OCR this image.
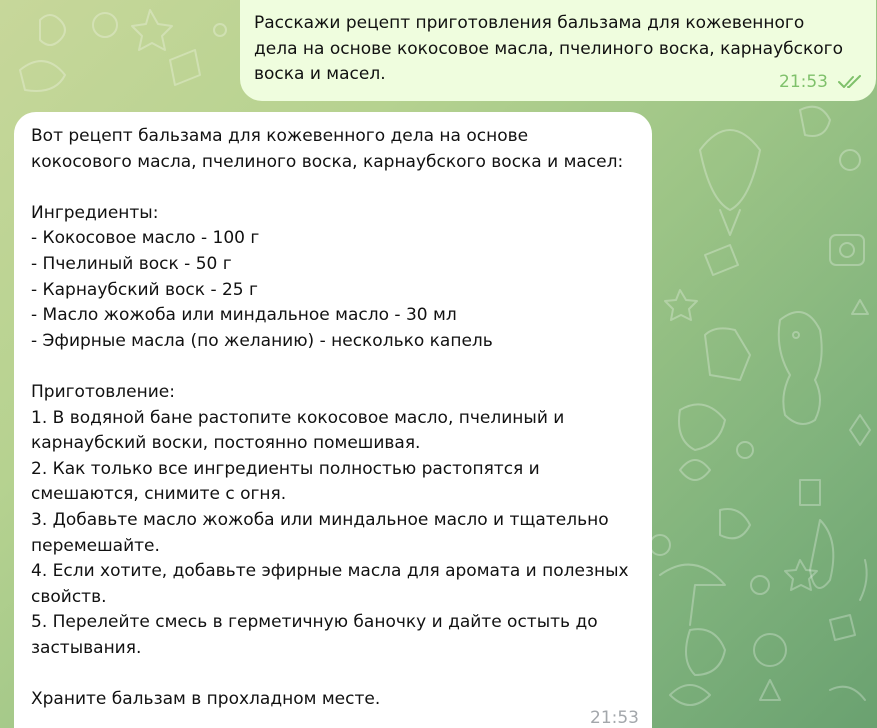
Расскажи рецепт приготовления бальзама для кожевенного
дела на основе кокосовое масла, пчелиного воска, карнаубского
воска и масел.	21:53

Вот рецепт бальзама для кожевенного дела на основе
кокосового масла, пчелиного воска, карнаубского воска и масел:

Ингредиенты:
- Кокосовое масло - 100 г
- Пчелиный воск - 50 г
- Карнаубский воск - 25 г
- Масло жожоба или миндальное масло - 30 мл
- Эфирные масла (по желанию) - несколько капель

Приготовление:
1. В водяной бане растопите кокосовое масло, пчелиный и
карнаубский воски, постоянно помешивая.
2. Как только все ингредиенты полностью растопятся и
смешаются, снимите с огня.
3. Добавьте масло жожоба или миндальное масло и тщательно
перемешайте.
4. Если хотите, добавьте эфирные масла для аромата и полезных
свойств.
5. Перелейте смесь в герметичную баночку и дайте остыть до
застывания.

Храните бальзам в прохладном месте.

21:53
